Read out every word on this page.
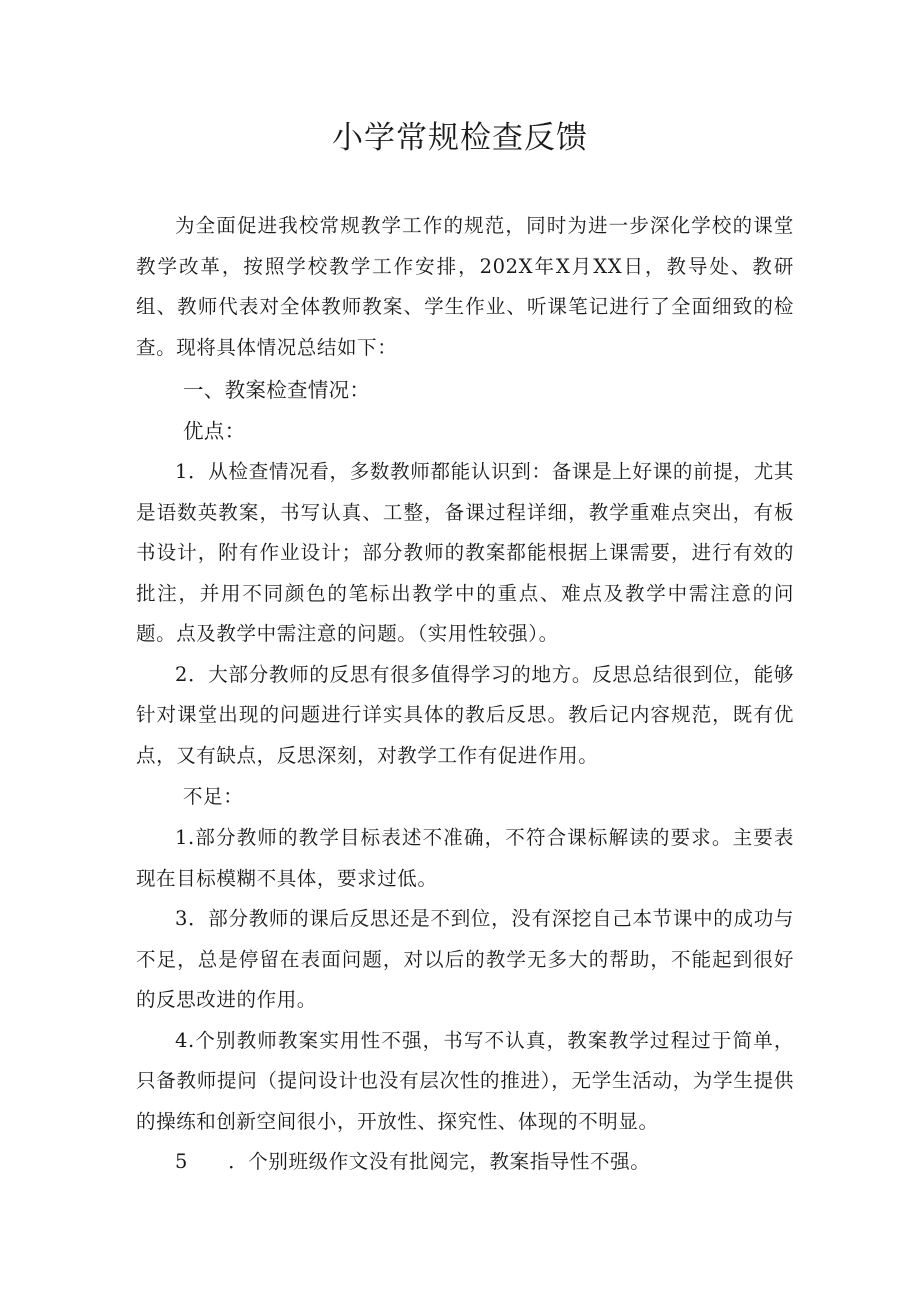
小学常规检查反馈

为全面促进我校常规教学工作的规范，同时为进一步深化学校的课堂教学改革，按照学校教学工作安排，202X年X月XX日，教导处、教研组、教师代表对全体教师教案、学生作业、听课笔记进行了全面细致的检查。现将具体情况总结如下：

一、教案检查情况：

优点：

1．从检查情况看，多数教师都能认识到：备课是上好课的前提，尤其是语数英教案，书写认真、工整，备课过程详细，教学重难点突出，有板书设计，附有作业设计；部分教师的教案都能根据上课需要，进行有效的批注，并用不同颜色的笔标出教学中的重点、难点及教学中需注意的问题。点及教学中需注意的问题。（实用性较强）。

2．大部分教师的反思有很多值得学习的地方。反思总结很到位，能够针对课堂出现的问题进行详实具体的教后反思。教后记内容规范，既有优点，又有缺点，反思深刻，对教学工作有促进作用。

不足：

1.部分教师的教学目标表述不准确，不符合课标解读的要求。主要表现在目标模糊不具体，要求过低。

3．部分教师的课后反思还是不到位，没有深挖自己本节课中的成功与不足，总是停留在表面问题，对以后的教学无多大的帮助，不能起到很好的反思改进的作用。

4.个别教师教案实用性不强，书写不认真，教案教学过程过于简单，只备教师提问（提问设计也没有层次性的推进），无学生活动，为学生提供的操练和创新空间很小，开放性、探究性、体现的不明显。

5　　．个别班级作文没有批阅完，教案指导性不强。
